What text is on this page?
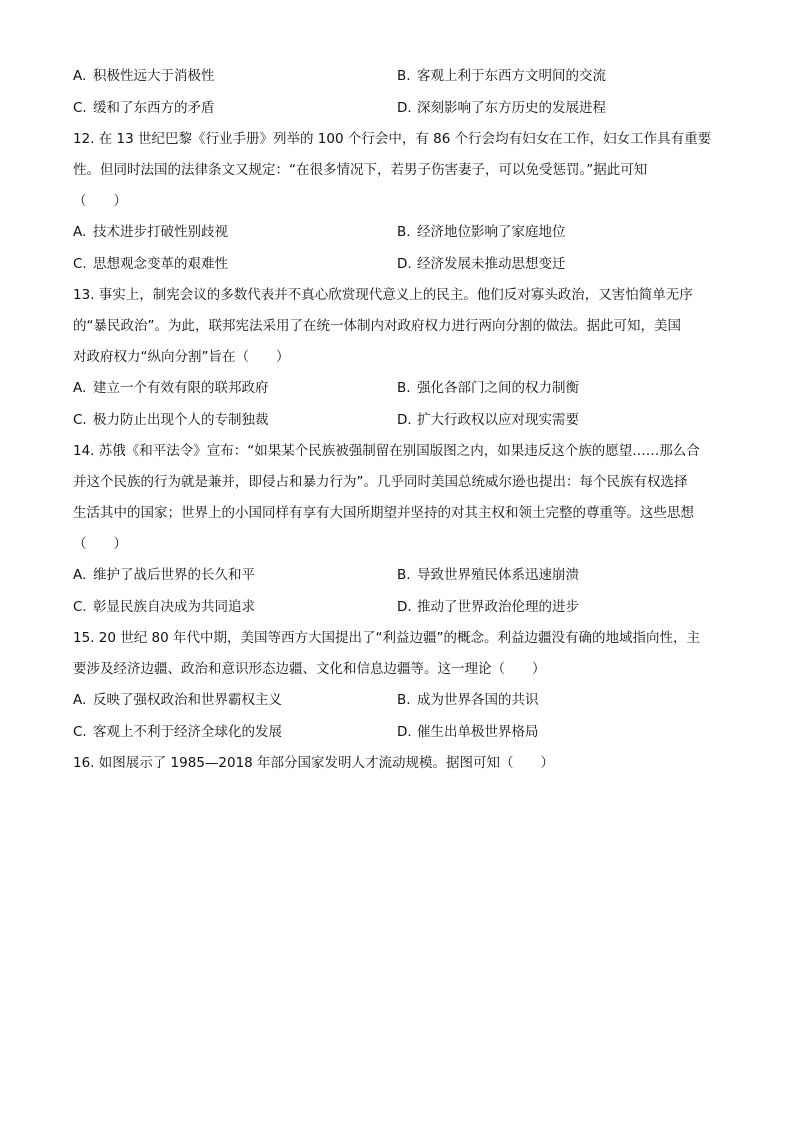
A. 积极性远大于消极性	B. 客观上利于东西方文明间的交流
C. 缓和了东西方的矛盾	D. 深刻影响了东方历史的发展进程
12. 在 13 世纪巴黎《行业手册》列举的 100 个行会中，有 86 个行会均有妇女在工作，妇女工作具有重要
性。但同时法国的法律条文又规定：“在很多情况下，若男子伤害妻子，可以免受惩罚。”据此可知
（　　）
A. 技术进步打破性别歧视	B. 经济地位影响了家庭地位
C. 思想观念变革的艰难性	D. 经济发展未推动思想变迁
13. 事实上，制宪会议的多数代表并不真心欣赏现代意义上的民主。他们反对寡头政治，又害怕简单无序
的“暴民政治”。为此，联邦宪法采用了在统一体制内对政府权力进行两向分割的做法。据此可知，美国
对政府权力“纵向分割”旨在（　　）
A. 建立一个有效有限的联邦政府	B. 强化各部门之间的权力制衡
C. 极力防止出现个人的专制独裁	D. 扩大行政权以应对现实需要
14. 苏俄《和平法令》宣布：“如果某个民族被强制留在别国版图之内，如果违反这个族的愿望……那么合
并这个民族的行为就是兼并，即侵占和暴力行为”。几乎同时美国总统威尔逊也提出：每个民族有权选择
生活其中的国家；世界上的小国同样有享有大国所期望并坚持的对其主权和领土完整的尊重等。这些思想
（　　）
A. 维护了战后世界的长久和平	B. 导致世界殖民体系迅速崩溃
C. 彰显民族自决成为共同追求	D. 推动了世界政治伦理的进步
15. 20 世纪 80 年代中期，美国等西方大国提出了“利益边疆”的概念。利益边疆没有确的地域指向性，主
要涉及经济边疆、政治和意识形态边疆、文化和信息边疆等。这一理论（　　）
A. 反映了强权政治和世界霸权主义	B. 成为世界各国的共识
C. 客观上不利于经济全球化的发展	D. 催生出单极世界格局
16. 如图展示了 1985—2018 年部分国家发明人才流动规模。据图可知（　　）
